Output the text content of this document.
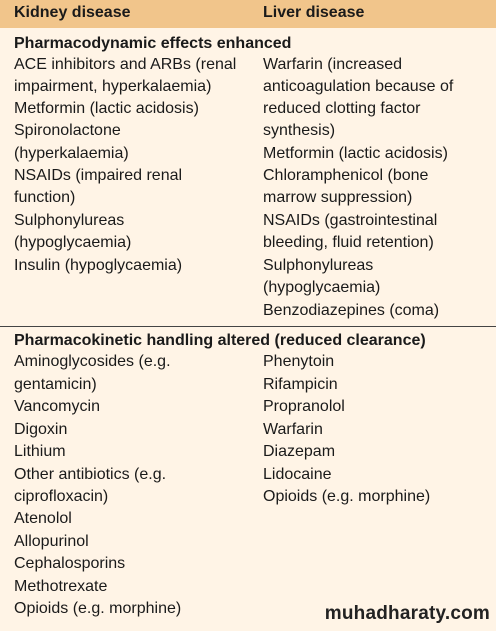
Kidney disease	Liver disease
Pharmacodynamic effects enhanced
ACE inhibitors and ARBs (renal
impairment, hyperkalaemia)
Metformin (lactic acidosis)
Spironolactone
(hyperkalaemia)
NSAIDs (impaired renal
function)
Sulphonylureas
(hypoglycaemia)
Insulin (hypoglycaemia)
Warfarin (increased
anticoagulation because of
reduced clotting factor
synthesis)
Metformin (lactic acidosis)
Chloramphenicol (bone
marrow suppression)
NSAIDs (gastrointestinal
bleeding, fluid retention)
Sulphonylureas
(hypoglycaemia)
Benzodiazepines (coma)
Pharmacokinetic handling altered (reduced clearance)
Aminoglycosides (e.g.
gentamicin)
Vancomycin
Digoxin
Lithium
Other antibiotics (e.g.
ciprofloxacin)
Atenolol
Allopurinol
Cephalosporins
Methotrexate
Opioids (e.g. morphine)
Phenytoin
Rifampicin
Propranolol
Warfarin
Diazepam
Lidocaine
Opioids (e.g. morphine)
muhadharaty.com
